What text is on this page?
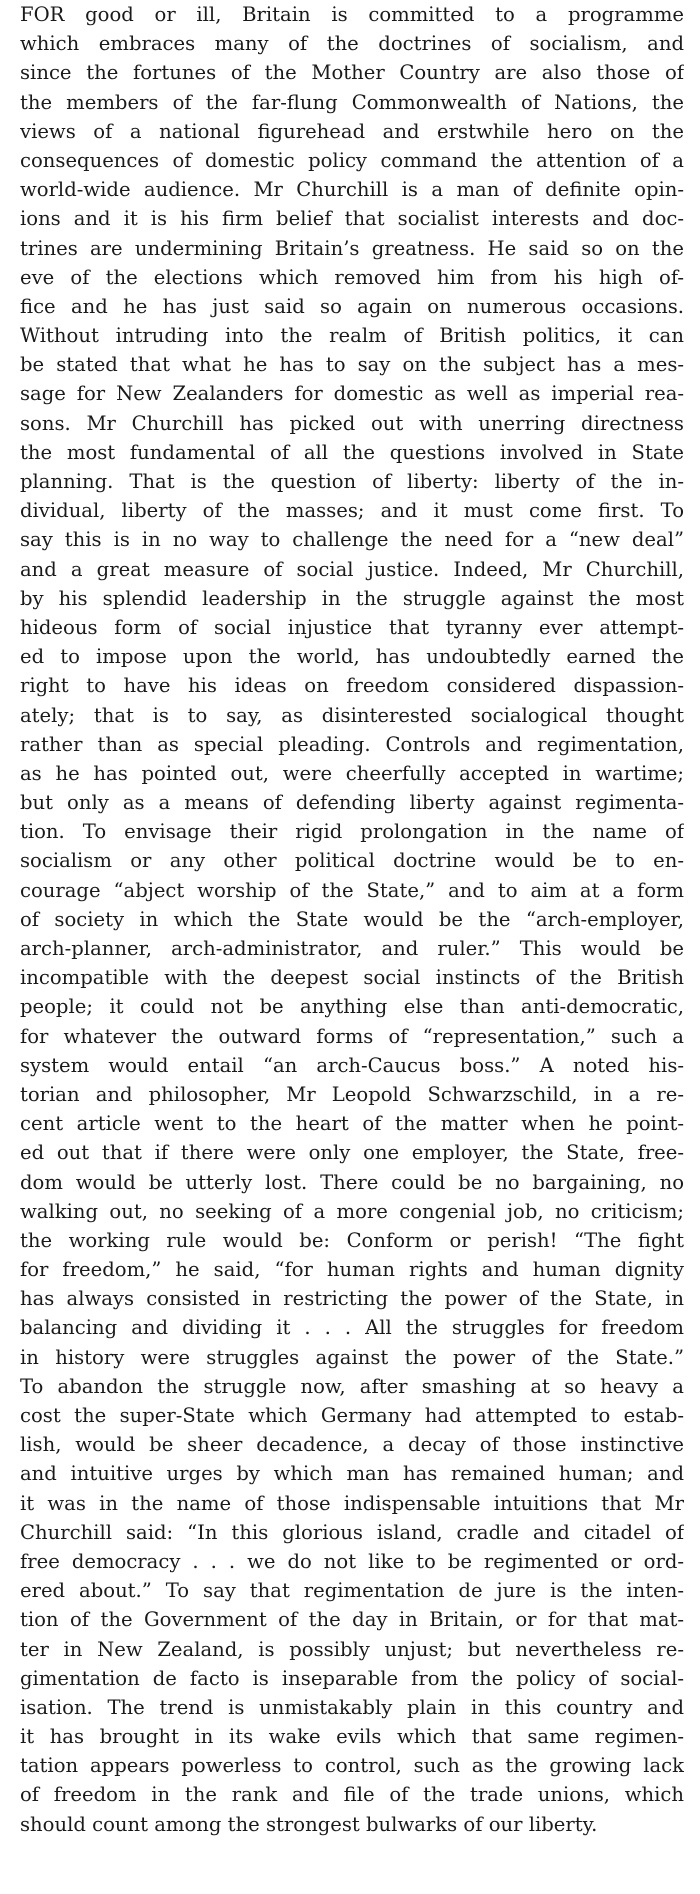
FOR good or ill, Britain is committed to a programme
which embraces many of the doctrines of socialism, and
since the fortunes of the Mother Country are also those of
the members of the far-flung Commonwealth of Nations, the
views of a national figurehead and erstwhile hero on the
consequences of domestic policy command the attention of a
world-wide audience. Mr Churchill is a man of definite opin-
ions and it is his firm belief that socialist interests and doc-
trines are undermining Britain’s greatness. He said so on the
eve of the elections which removed him from his high of-
fice and he has just said so again on numerous occasions.
Without intruding into the realm of British politics, it can
be stated that what he has to say on the subject has a mes-
sage for New Zealanders for domestic as well as imperial rea-
sons. Mr Churchill has picked out with unerring directness
the most fundamental of all the questions involved in State
planning. That is the question of liberty: liberty of the in-
dividual, liberty of the masses; and it must come first. To
say this is in no way to challenge the need for a “new deal”
and a great measure of social justice. Indeed, Mr Churchill,
by his splendid leadership in the struggle against the most
hideous form of social injustice that tyranny ever attempt-
ed to impose upon the world, has undoubtedly earned the
right to have his ideas on freedom considered dispassion-
ately; that is to say, as disinterested socialogical thought
rather than as special pleading. Controls and regimentation,
as he has pointed out, were cheerfully accepted in wartime;
but only as a means of defending liberty against regimenta-
tion. To envisage their rigid prolongation in the name of
socialism or any other political doctrine would be to en-
courage “abject worship of the State,” and to aim at a form
of society in which the State would be the “arch-employer,
arch-planner, arch-administrator, and ruler.” This would be
incompatible with the deepest social instincts of the British
people; it could not be anything else than anti-democratic,
for whatever the outward forms of “representation,” such a
system would entail “an arch-Caucus boss.” A noted his-
torian and philosopher, Mr Leopold Schwarzschild, in a re-
cent article went to the heart of the matter when he point-
ed out that if there were only one employer, the State, free-
dom would be utterly lost. There could be no bargaining, no
walking out, no seeking of a more congenial job, no criticism;
the working rule would be: Conform or perish! “The fight
for freedom,” he said, “for human rights and human dignity
has always consisted in restricting the power of the State, in
balancing and dividing it . . . All the struggles for freedom
in history were struggles against the power of the State.”
To abandon the struggle now, after smashing at so heavy a
cost the super-State which Germany had attempted to estab-
lish, would be sheer decadence, a decay of those instinctive
and intuitive urges by which man has remained human; and
it was in the name of those indispensable intuitions that Mr
Churchill said: “In this glorious island, cradle and citadel of
free democracy . . . we do not like to be regimented or ord-
ered about.” To say that regimentation de jure is the inten-
tion of the Government of the day in Britain, or for that mat-
ter in New Zealand, is possibly unjust; but nevertheless re-
gimentation de facto is inseparable from the policy of social-
isation. The trend is unmistakably plain in this country and
it has brought in its wake evils which that same regimen-
tation appears powerless to control, such as the growing lack
of freedom in the rank and file of the trade unions, which
should count among the strongest bulwarks of our liberty.
